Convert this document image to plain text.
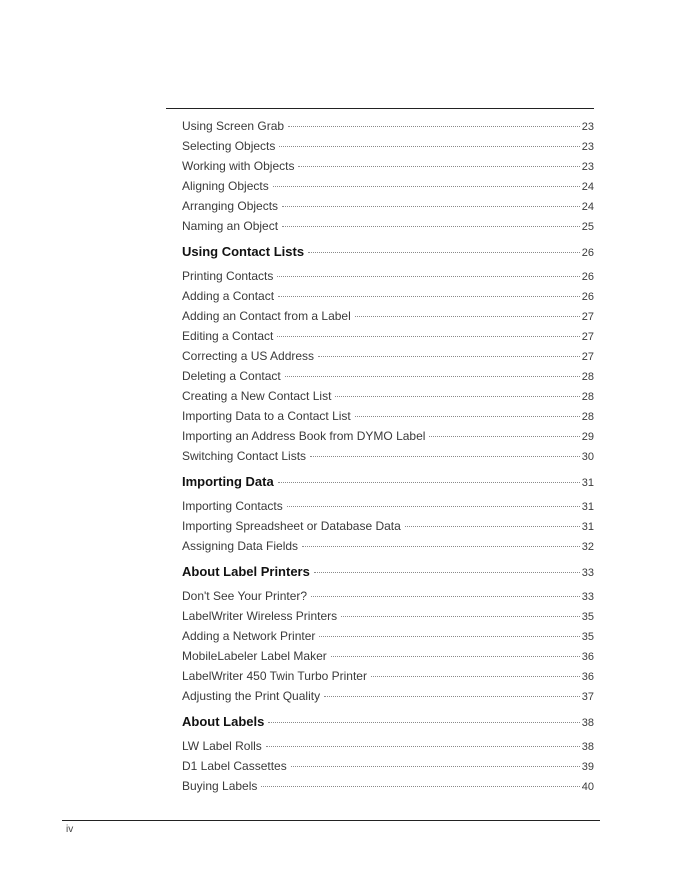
Using Screen Grab	23
Selecting Objects	23
Working with Objects	23
Aligning Objects	24
Arranging Objects	24
Naming an Object	25
Using Contact Lists	26
Printing Contacts	26
Adding a Contact	26
Adding an Contact from a Label	27
Editing a Contact	27
Correcting a US Address	27
Deleting a Contact	28
Creating a New Contact List	28
Importing Data to a Contact List	28
Importing an Address Book from DYMO Label	29
Switching Contact Lists	30
Importing Data	31
Importing Contacts	31
Importing Spreadsheet or Database Data	31
Assigning Data Fields	32
About Label Printers	33
Don't See Your Printer?	33
LabelWriter Wireless Printers	35
Adding a Network Printer	35
MobileLabeler Label Maker	36
LabelWriter 450 Twin Turbo Printer	36
Adjusting the Print Quality	37
About Labels	38
LW Label Rolls	38
D1 Label Cassettes	39
Buying Labels	40
iv
